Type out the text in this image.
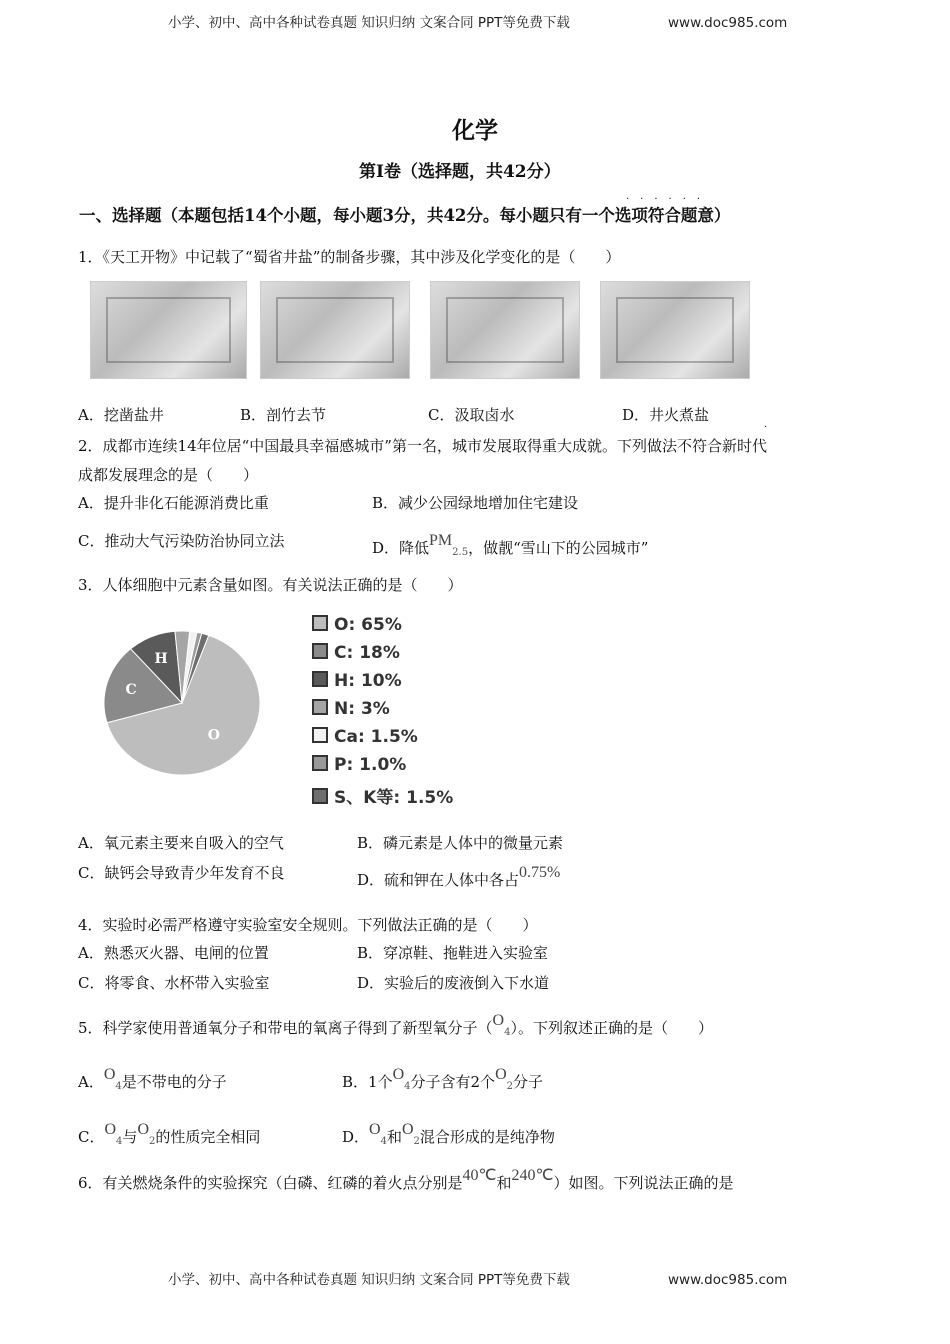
小学、初中、高中各种试卷真题 知识归纳 文案合同 PPT等免费下载	www.doc985.com
化学
第I卷（选择题，共42分）
······
一、选择题（本题包括14个小题，每小题3分，共42分。每小题只有一个选项符合题意）
1．《天工开物》中记载了“蜀省井盐”的制备步骤，其中涉及化学变化的是（　　）
A．挖凿盐井	B．剖竹去节	C．汲取卤水	D．井火煮盐
2．成都市连续14年位居“中国最具幸福感城市”第一名，城市发展取得重大成就。下列做法不符合新时代
·
成都发展理念的是（　　）
A．提升非化石能源消费比重	B．减少公园绿地增加住宅建设
C．推动大气污染防治协同立法	D．降低$PM_{2.5}$，做靓“雪山下的公园城市”
3．人体细胞中元素含量如图。有关说法正确的是（　　）
O
C
H
O: 65%
C: 18%
H: 10%
N: 3%
Ca: 1.5%
P: 1.0%
S、K等: 1.5%
A．氧元素主要来自吸入的空气	B．磷元素是人体中的微量元素
C．缺钙会导致青少年发育不良	D．硫和钾在人体中各占0.75%
4．实验时必需严格遵守实验室安全规则。下列做法正确的是（　　）
A．熟悉灭火器、电闸的位置	B．穿凉鞋、拖鞋进入实验室
C．将零食、水杯带入实验室	D．实验后的废液倒入下水道
5．科学家使用普通氧分子和带电的氧离子得到了新型氧分子$(O_4)$。下列叙述正确的是（　　）
A．$O_4$是不带电的分子	B．1个$O_4$分子含有2个$O_2$分子
C．$O_4$与$O_2$的性质完全相同	D．$O_4$和$O_2$混合形成的是纯净物
6．有关燃烧条件的实验探究（白磷、红磷的着火点分别是40℃和240℃）如图。下列说法正确的是
小学、初中、高中各种试卷真题 知识归纳 文案合同 PPT等免费下载	www.doc985.com
